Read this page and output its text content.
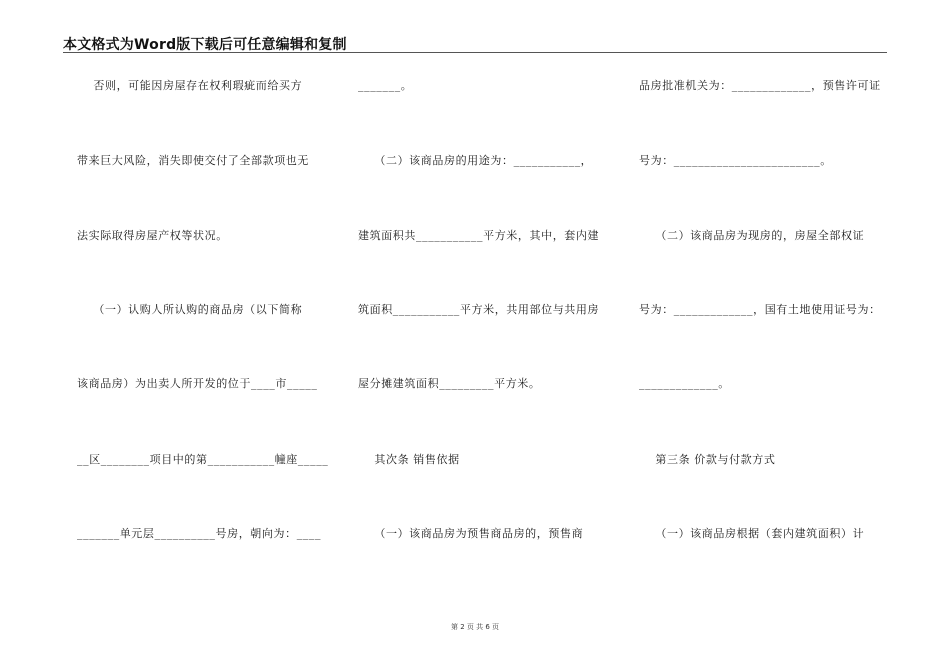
本文格式为Word版下载后可任意编辑和复制
否则，可能因房屋存在权利瑕疵而给买方
带来巨大风险，消失即使交付了全部款项也无
法实际取得房屋产权等状况。
（一）认购人所认购的商品房（以下简称
该商品房）为出卖人所开发的位于____市_____
__区________项目中的第___________幢座_____
_______单元层__________号房，朝向为：____
_______。
（二）该商品房的用途为：___________，
建筑面积共___________平方米，其中，套内建
筑面积___________平方米，共用部位与共用房
屋分摊建筑面积_________平方米。
其次条 销售依据
（一）该商品房为预售商品房的，预售商
品房批准机关为：_____________，预售许可证
号为：________________________。
（二）该商品房为现房的，房屋全部权证
号为：_____________，国有土地使用证号为：
_____________。
第三条 价款与付款方式
（一）该商品房根据（套内建筑面积）计
第 2 页 共 6 页
